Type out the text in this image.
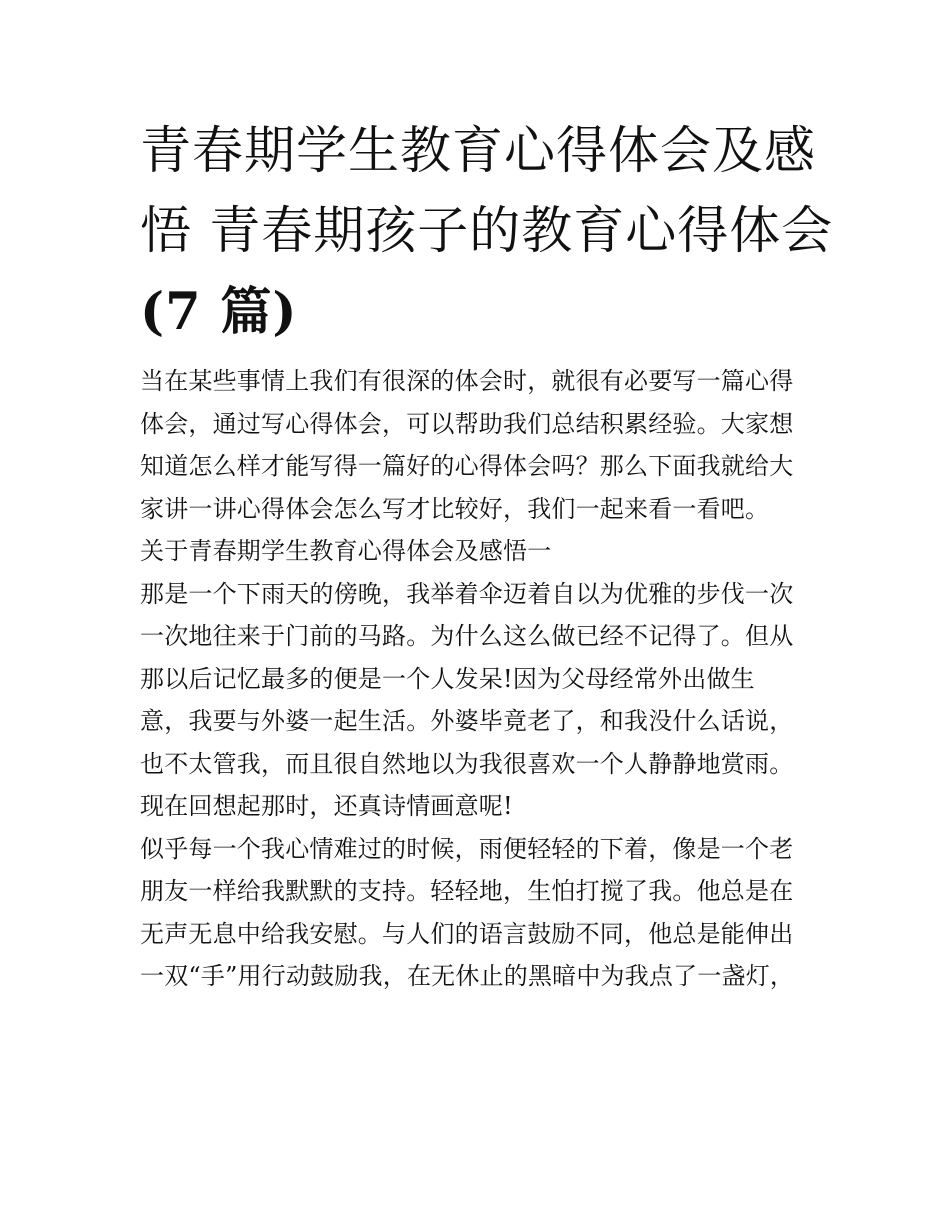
青春期学生教育心得体会及感
悟 青春期孩子的教育心得体会
(7 篇)
当在某些事情上我们有很深的体会时，就很有必要写一篇心得
体会，通过写心得体会，可以帮助我们总结积累经验。大家想
知道怎么样才能写得一篇好的心得体会吗？那么下面我就给大
家讲一讲心得体会怎么写才比较好，我们一起来看一看吧。
关于青春期学生教育心得体会及感悟一
那是一个下雨天的傍晚，我举着伞迈着自以为优雅的步伐一次
一次地往来于门前的马路。为什么这么做已经不记得了。但从
那以后记忆最多的便是一个人发呆!因为父母经常外出做生
意，我要与外婆一起生活。外婆毕竟老了，和我没什么话说，
也不太管我，而且很自然地以为我很喜欢一个人静静地赏雨。
现在回想起那时，还真诗情画意呢!
似乎每一个我心情难过的时候，雨便轻轻的下着，像是一个老
朋友一样给我默默的支持。轻轻地，生怕打搅了我。他总是在
无声无息中给我安慰。与人们的语言鼓励不同，他总是能伸出
一双“手”用行动鼓励我，在无休止的黑暗中为我点了一盏灯，
